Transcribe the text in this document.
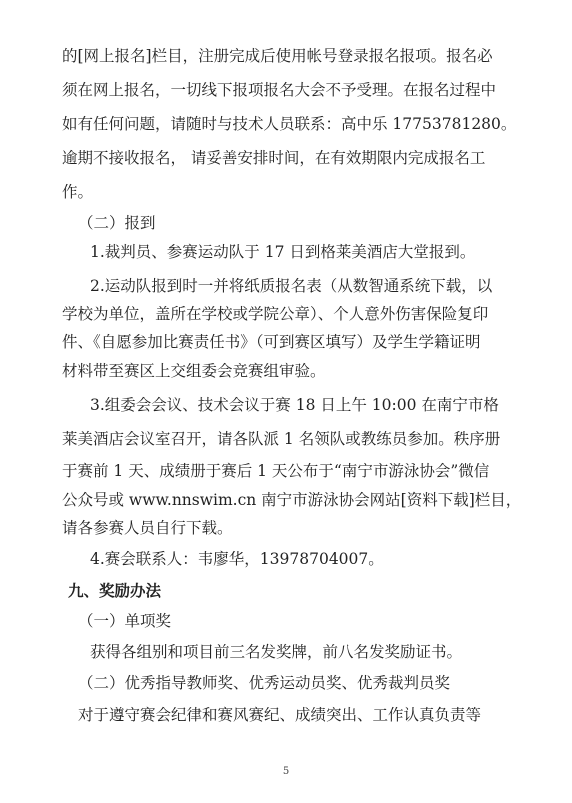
的[网上报名]栏目，注册完成后使用帐号登录报名报项。报名必
须在网上报名，一切线下报项报名大会不予受理。在报名过程中
如有任何问题，请随时与技术人员联系：高中乐 17753781280。
逾期不接收报名， 请妥善安排时间，在有效期限内完成报名工
作。
（二）报到
1.裁判员、参赛运动队于 17 日到格莱美酒店大堂报到。
2.运动队报到时一并将纸质报名表（从数智通系统下载，以
学校为单位，盖所在学校或学院公章）、个人意外伤害保险复印
件、《自愿参加比赛责任书》（可到赛区填写）及学生学籍证明
材料带至赛区上交组委会竞赛组审验。
3.组委会会议、技术会议于赛 18 日上午 10:00 在南宁市格
莱美酒店会议室召开，请各队派 1 名领队或教练员参加。秩序册
于赛前 1 天、成绩册于赛后 1 天公布于“南宁市游泳协会”微信
公众号或 www.nnswim.cn 南宁市游泳协会网站[资料下载]栏目，
请各参赛人员自行下载。
4.赛会联系人：韦廖华，13978704007。
九、奖励办法
（一）单项奖
获得各组别和项目前三名发奖牌，前八名发奖励证书。
（二）优秀指导教师奖、优秀运动员奖、优秀裁判员奖
对于遵守赛会纪律和赛风赛纪、成绩突出、工作认真负责等
5
